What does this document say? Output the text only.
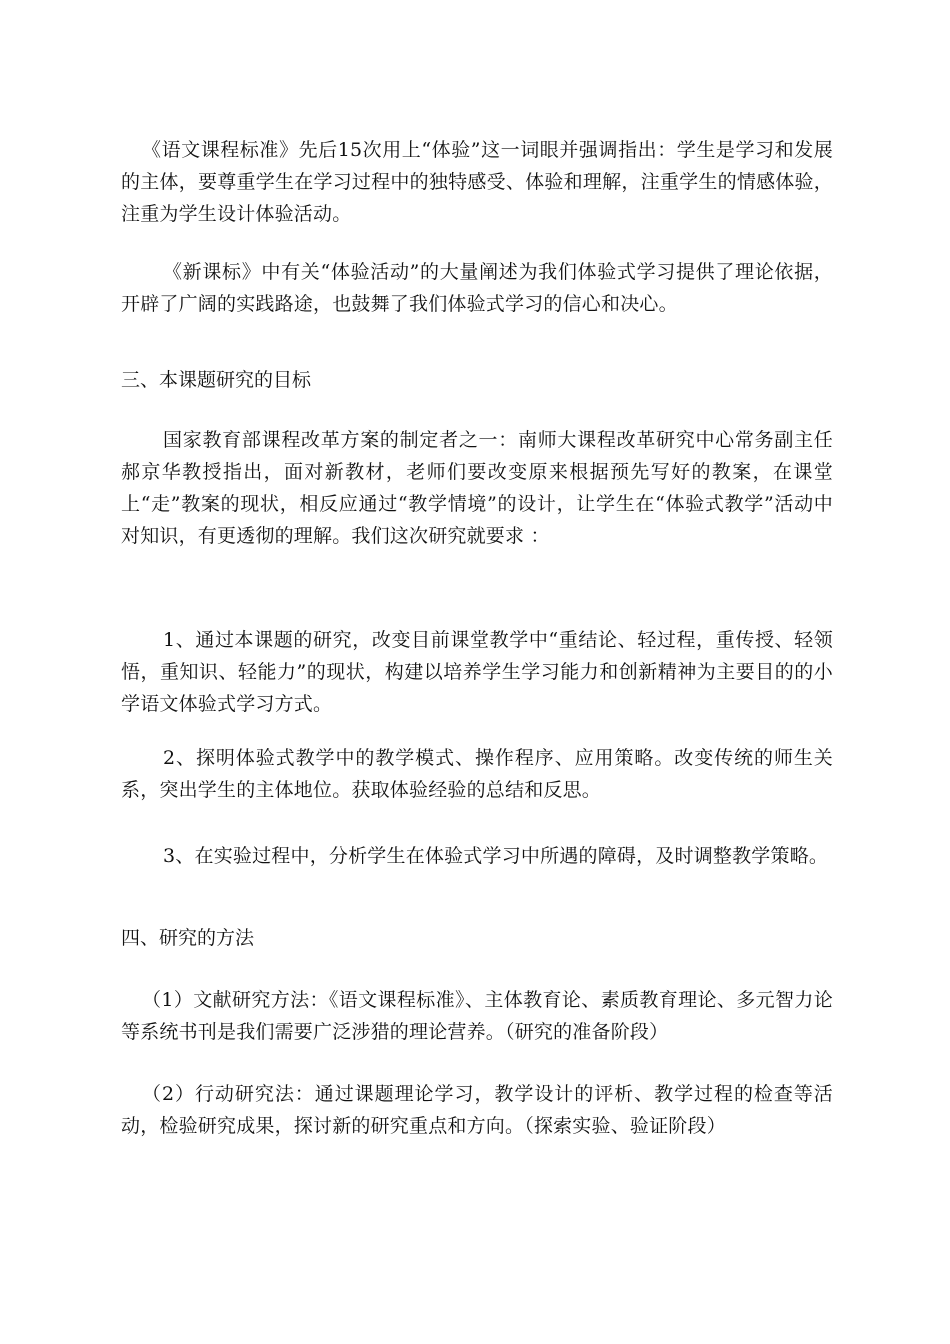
《语文课程标准》先后15次用上“体验”这一词眼并强调指出：学生是学习和发展的主体，要尊重学生在学习过程中的独特感受、体验和理解，注重学生的情感体验，注重为学生设计体验活动。

《新课标》中有关“体验活动”的大量阐述为我们体验式学习提供了理论依据，开辟了广阔的实践路途，也鼓舞了我们体验式学习的信心和决心。

三、本课题研究的目标

国家教育部课程改革方案的制定者之一：南师大课程改革研究中心常务副主任郝京华教授指出，面对新教材，老师们要改变原来根据预先写好的教案，在课堂上“走”教案的现状，相反应通过“教学情境”的设计，让学生在“体验式教学”活动中对知识，有更透彻的理解。我们这次研究就要求 ：

1、通过本课题的研究，改变目前课堂教学中“重结论、轻过程，重传授、轻领悟，重知识、轻能力”的现状，构建以培养学生学习能力和创新精神为主要目的的小学语文体验式学习方式。

2、探明体验式教学中的教学模式、操作程序、应用策略。改变传统的师生关系，突出学生的主体地位。获取体验经验的总结和反思。

3、在实验过程中，分析学生在体验式学习中所遇的障碍，及时调整教学策略。

四、研究的方法

（1）文献研究方法：《语文课程标准》、主体教育论、素质教育理论、多元智力论等系统书刊是我们需要广泛涉猎的理论营养。（研究的准备阶段）

（2）行动研究法：通过课题理论学习，教学设计的评析、教学过程的检查等活动，检验研究成果，探讨新的研究重点和方向。（探索实验、验证阶段）
